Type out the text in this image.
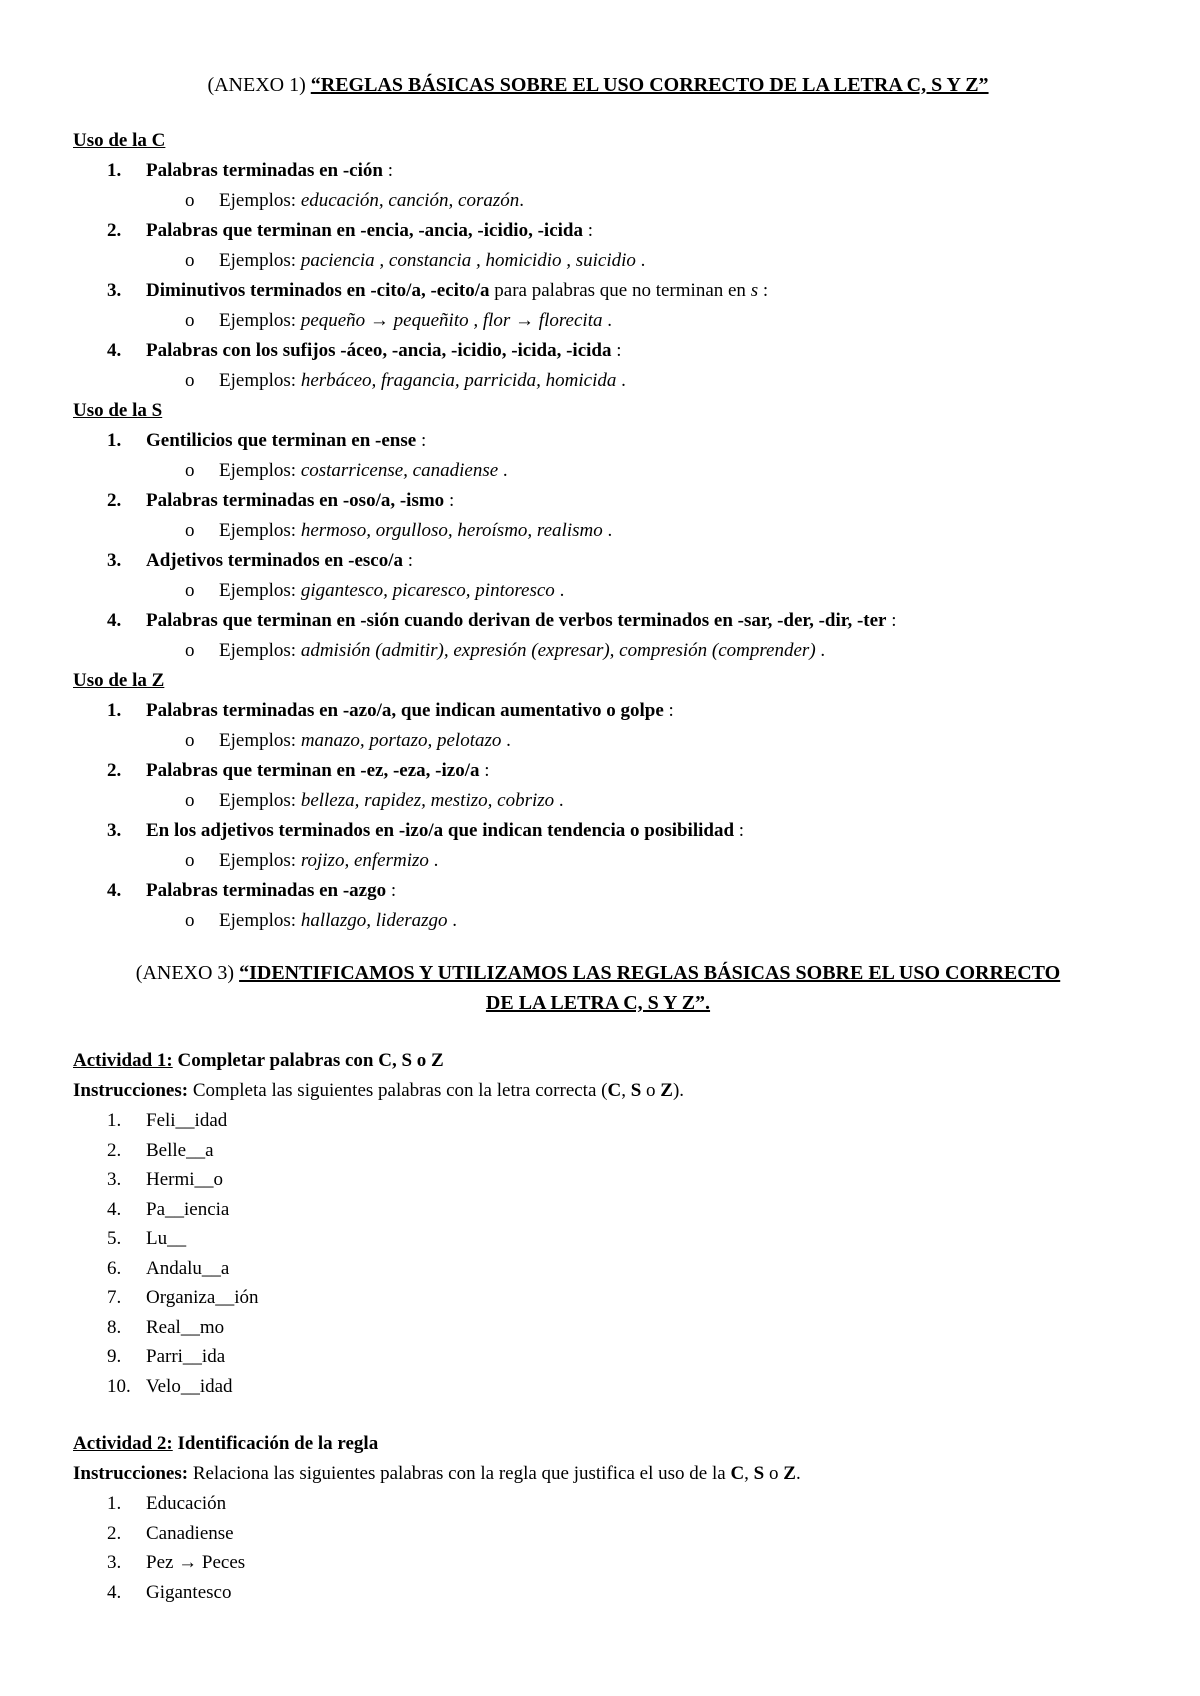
(ANEXO 1) “REGLAS BÁSICAS SOBRE EL USO CORRECTO DE LA LETRA C, S Y Z”

Uso de la C

1. Palabras terminadas en -ción :
o Ejemplos: educación, canción, corazón.
2. Palabras que terminan en -encia, -ancia, -icidio, -icida :
o Ejemplos: paciencia , constancia , homicidio , suicidio .
3. Diminutivos terminados en -cito/a, -ecito/a para palabras que no terminan en s :
o Ejemplos: pequeño → pequeñito , flor → florecita .
4. Palabras con los sufijos -áceo, -ancia, -icidio, -icida, -icida :
o Ejemplos: herbáceo, fragancia, parricida, homicida .

Uso de la S

1. Gentilicios que terminan en -ense :
o Ejemplos: costarricense, canadiense .
2. Palabras terminadas en -oso/a, -ismo :
o Ejemplos: hermoso, orgulloso, heroísmo, realismo .
3. Adjetivos terminados en -esco/a :
o Ejemplos: gigantesco, picaresco, pintoresco .
4. Palabras que terminan en -sión cuando derivan de verbos terminados en -sar, -der, -dir, -ter :
o Ejemplos: admisión (admitir), expresión (expresar), compresión (comprender) .

Uso de la Z

1. Palabras terminadas en -azo/a, que indican aumentativo o golpe :
o Ejemplos: manazo, portazo, pelotazo .
2. Palabras que terminan en -ez, -eza, -izo/a :
o Ejemplos: belleza, rapidez, mestizo, cobrizo .
3. En los adjetivos terminados en -izo/a que indican tendencia o posibilidad :
o Ejemplos: rojizo, enfermizo .
4. Palabras terminadas en -azgo :
o Ejemplos: hallazgo, liderazgo .

(ANEXO 3) “IDENTIFICAMOS Y UTILIZAMOS LAS REGLAS BÁSICAS SOBRE EL USO CORRECTO

DE LA LETRA C, S Y Z”.

Actividad 1: Completar palabras con C, S o Z

Instrucciones: Completa las siguientes palabras con la letra correcta (C, S o Z).

1. Feli__idad
2. Belle__a
3. Hermi__o
4. Pa__iencia
5. Lu__
6. Andalu__a
7. Organiza__ión
8. Real__mo
9. Parri__ida
10. Velo__idad

Actividad 2: Identificación de la regla

Instrucciones: Relaciona las siguientes palabras con la regla que justifica el uso de la C, S o Z.

1. Educación
2. Canadiense
3. Pez → Peces
4. Gigantesco
